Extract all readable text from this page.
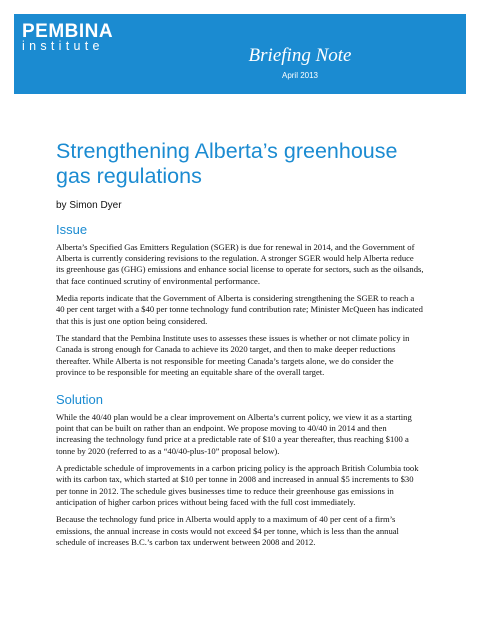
PEMBINA
institute	Briefing Note
April 2013
Strengthening Alberta’s greenhouse gas regulations

by Simon Dyer

Issue

Alberta’s Specified Gas Emitters Regulation (SGER) is due for renewal in 2014, and the Government of Alberta is currently considering revisions to the regulation. A stronger SGER would help Alberta reduce its greenhouse gas (GHG) emissions and enhance social license to operate for sectors, such as the oilsands, that face continued scrutiny of environmental performance.

Media reports indicate that the Government of Alberta is considering strengthening the SGER to reach a 40 per cent target with a $40 per tonne technology fund contribution rate; Minister McQueen has indicated that this is just one option being considered.

The standard that the Pembina Institute uses to assesses these issues is whether or not climate policy in Canada is strong enough for Canada to achieve its 2020 target, and then to make deeper reductions thereafter. While Alberta is not responsible for meeting Canada’s targets alone, we do consider the province to be responsible for meeting an equitable share of the overall target.

Solution

While the 40/40 plan would be a clear improvement on Alberta’s current policy, we view it as a starting point that can be built on rather than an endpoint. We propose moving to 40/40 in 2014 and then increasing the technology fund price at a predictable rate of $10 a year thereafter, thus reaching $100 a tonne by 2020 (referred to as a “40/40-plus-10” proposal below).

A predictable schedule of improvements in a carbon pricing policy is the approach British Columbia took with its carbon tax, which started at $10 per tonne in 2008 and increased in annual $5 increments to $30 per tonne in 2012. The schedule gives businesses time to reduce their greenhouse gas emissions in anticipation of higher carbon prices without being faced with the full cost immediately.

Because the technology fund price in Alberta would apply to a maximum of 40 per cent of a firm’s emissions, the annual increase in costs would not exceed $4 per tonne, which is less than the annual schedule of increases B.C.’s carbon tax underwent between 2008 and 2012.
